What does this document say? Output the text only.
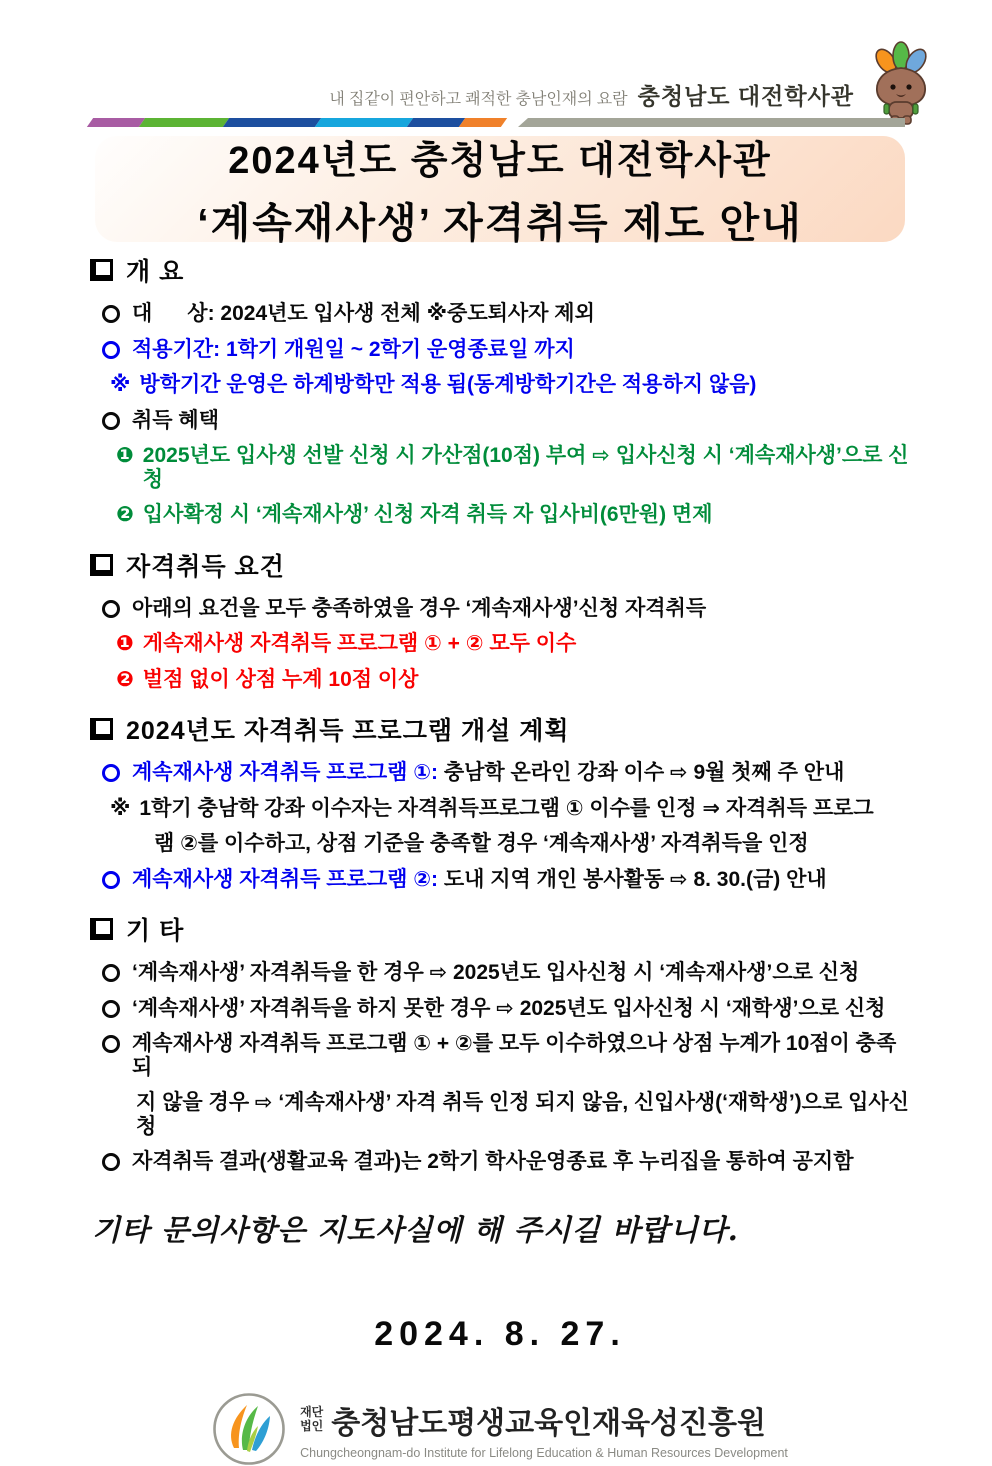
내 집같이 편안하고 쾌적한 충남인재의 요람 충청남도 대전학사관
2024년도 충청남도 대전학사관
‘계속재사생’ 자격취득 제도 안내
개 요
대      상: 2024년도 입사생 전체 ※중도퇴사자 제외
적용기간: 1학기 개원일 ~ 2학기 운영종료일 까지
※ 방학기간 운영은 하계방학만 적용 됨(동계방학기간은 적용하지 않음)
취득 혜택
❶ 2025년도 입사생 선발 신청 시 가산점(10점) 부여 ⇨ 입사신청 시 ‘계속재사생’으로 신청
❷ 입사확정 시 ‘계속재사생’ 신청 자격 취득 자 입사비(6만원) 면제
자격취득 요건
아래의 요건을 모두 충족하였을 경우 ‘계속재사생’신청 자격취득
❶ 게속재사생 자격취득 프로그램 ① + ② 모두 이수
❷ 벌점 없이 상점 누계 10점 이상
2024년도 자격취득 프로그램 개설 계획
계속재사생 자격취득 프로그램 ①: 충남학 온라인 강좌 이수 ⇨ 9월 첫째 주 안내
※ 1학기 충남학 강좌 이수자는 자격취득프로그램 ① 이수를 인정 ⇒ 자격취득 프로그
램 ②를 이수하고, 상점 기준을 충족할 경우 ‘계속재사생’ 자격취득을 인정
계속재사생 자격취득 프로그램 ②: 도내 지역 개인 봉사활동 ⇨ 8. 30.(금) 안내
기 타
‘계속재사생’ 자격취득을 한 경우 ⇨ 2025년도 입사신청 시 ‘계속재사생’으로 신청
‘계속재사생’ 자격취득을 하지 못한 경우 ⇨ 2025년도 입사신청 시 ‘재학생’으로 신청
계속재사생 자격취득 프로그램 ① + ②를 모두 이수하였으나 상점 누계가 10점이 충족되
지 않을 경우 ⇨ ‘계속재사생’ 자격 취득 인정 되지 않음, 신입사생(‘재학생’)으로 입사신청
자격취득 결과(생활교육 결과)는 2학기 학사운영종료 후 누리집을 통하여 공지함

기타 문의사항은 지도사실에 해 주시길 바랍니다.

2024. 8. 27.

재단
법인 충청남도평생교육인재육성진흥원
Chungcheongnam-do Institute for Lifelong Education & Human Resources Development
